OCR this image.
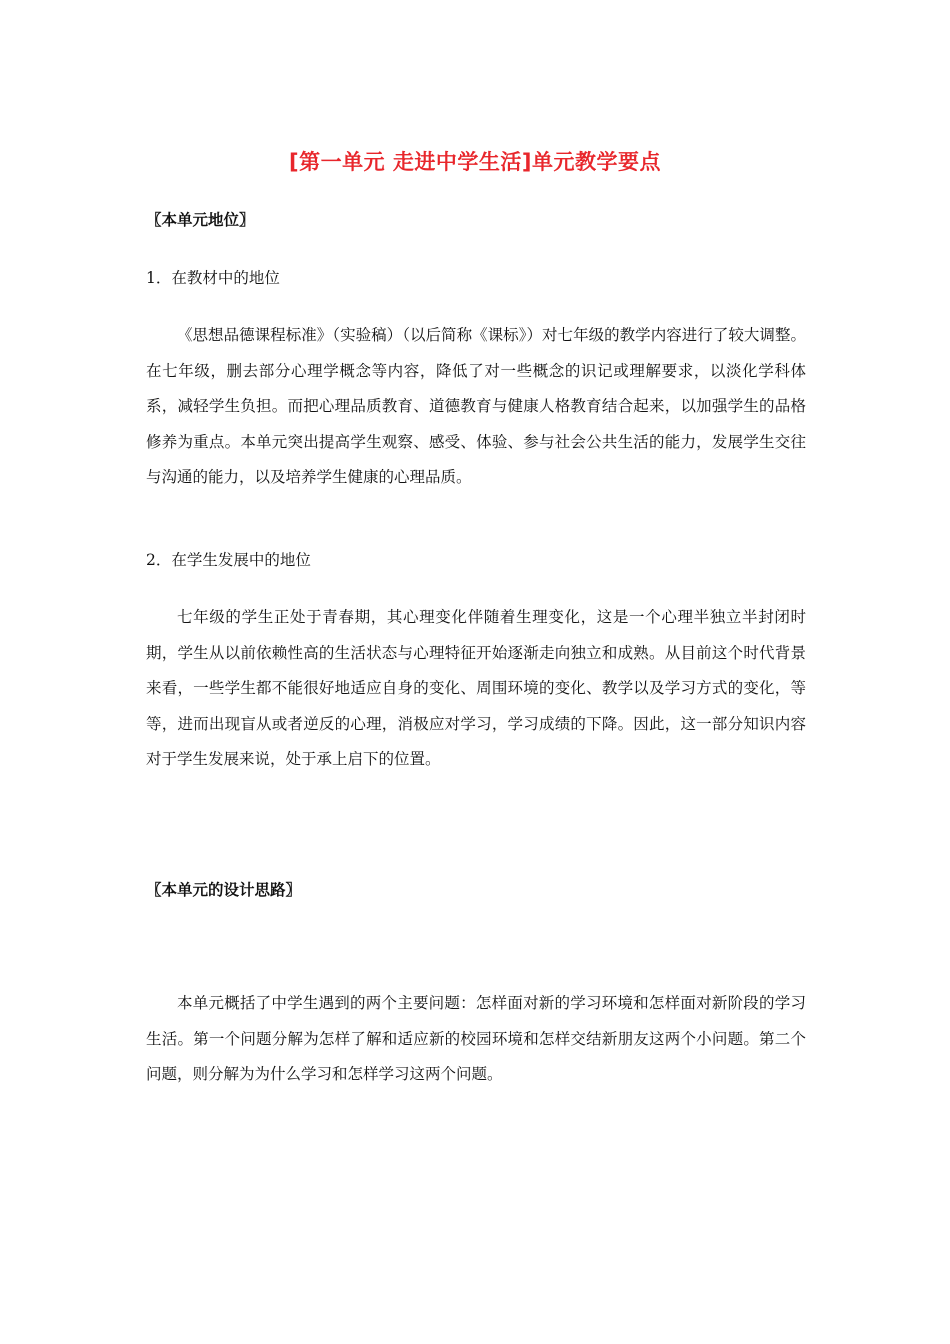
[第一单元 走进中学生活]单元教学要点
〖本单元地位〗
1．在教材中的地位
《思想品德课程标准》（实验稿）（以后简称《课标》）对七年级的教学内容进行了较大调整。在七年级，删去部分心理学概念等内容，降低了对一些概念的识记或理解要求，以淡化学科体系，减轻学生负担。而把心理品质教育、道德教育与健康人格教育结合起来，以加强学生的品格修养为重点。本单元突出提高学生观察、感受、体验、参与社会公共生活的能力，发展学生交往与沟通的能力，以及培养学生健康的心理品质。
2．在学生发展中的地位
七年级的学生正处于青春期，其心理变化伴随着生理变化，这是一个心理半独立半封闭时期，学生从以前依赖性高的生活状态与心理特征开始逐渐走向独立和成熟。从目前这个时代背景来看，一些学生都不能很好地适应自身的变化、周围环境的变化、教学以及学习方式的变化，等等，进而出现盲从或者逆反的心理，消极应对学习，学习成绩的下降。因此，这一部分知识内容对于学生发展来说，处于承上启下的位置。
〖本单元的设计思路〗
本单元概括了中学生遇到的两个主要问题：怎样面对新的学习环境和怎样面对新阶段的学习生活。第一个问题分解为怎样了解和适应新的校园环境和怎样交结新朋友这两个小问题。第二个问题，则分解为为什么学习和怎样学习这两个问题。
